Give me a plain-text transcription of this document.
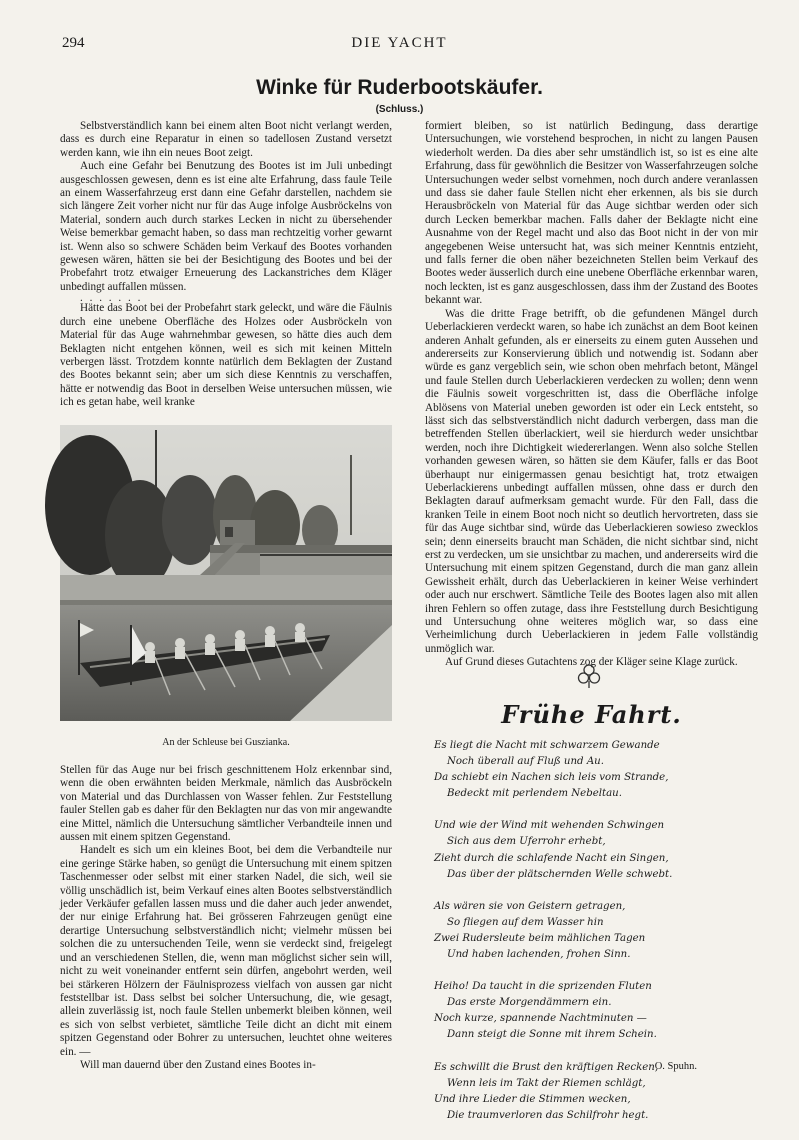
294	DIE YACHT
Winke für Ruderbootskäufer.
(Schluss.)

Selbstverständlich kann bei einem alten Boot nicht verlangt werden, dass es durch eine Reparatur in einen so tadellosen Zustand versetzt werden kann, wie ihn ein neues Boot zeigt.

Auch eine Gefahr bei Benutzung des Bootes ist im Juli unbedingt ausgeschlossen gewesen, denn es ist eine alte Erfahrung, dass faule Teile an einem Wasserfahrzeug erst dann eine Gefahr darstellen, nachdem sie sich längere Zeit vorher nicht nur für das Auge infolge Ausbröckelns von Material, sondern auch durch starkes Lecken in nicht zu übersehender Weise bemerkbar gemacht haben, so dass man rechtzeitig vorher gewarnt ist. Wenn also so schwere Schäden beim Verkauf des Bootes vorhanden gewesen wären, hätten sie bei der Besichtigung des Bootes und bei der Probefahrt trotz etwaiger Erneuerung des Lackanstriches dem Kläger unbedingt auffallen müssen.

. . . . . . .

Hätte das Boot bei der Probefahrt stark geleckt, und wäre die Fäulnis durch eine unebene Oberfläche des Holzes oder Ausbröckeln von Material für das Auge wahrnehmbar gewesen, so hätte dies auch dem Beklagten nicht entgehen können, weil es sich mit keinen Mitteln verbergen lässt. Trotzdem konnte natürlich dem Beklagten der Zustand des Bootes bekannt sein; aber um sich diese Kenntnis zu verschaffen, hätte er notwendig das Boot in derselben Weise untersuchen müssen, wie ich es getan habe, weil kranke

An der Schleuse bei Guszianka.

Stellen für das Auge nur bei frisch geschnittenem Holz erkennbar sind, wenn die oben erwähnten beiden Merkmale, nämlich das Ausbröckeln von Material und das Durchlassen von Wasser fehlen. Zur Feststellung fauler Stellen gab es daher für den Beklagten nur das von mir angewandte eine Mittel, nämlich die Untersuchung sämtlicher Verbandteile innen und aussen mit einem spitzen Gegenstand.

Handelt es sich um ein kleines Boot, bei dem die Verbandteile nur eine geringe Stärke haben, so genügt die Untersuchung mit einem spitzen Taschenmesser oder selbst mit einer starken Nadel, die sich, weil sie völlig unschädlich ist, beim Verkauf eines alten Bootes selbstverständlich jeder Verkäufer gefallen lassen muss und die daher auch jeder anwendet, der nur einige Erfahrung hat. Bei grösseren Fahrzeugen genügt eine derartige Untersuchung selbstverständlich nicht; vielmehr müssen bei solchen die zu untersuchenden Teile, wenn sie verdeckt sind, freigelegt und an verschiedenen Stellen, die, wenn man möglichst sicher sein will, nicht zu weit voneinander entfernt sein dürfen, angebohrt werden, weil bei stärkeren Hölzern der Fäulnisprozess vielfach von aussen gar nicht feststellbar ist. Dass selbst bei solcher Untersuchung, die, wie gesagt, allein zuverlässig ist, noch faule Stellen unbemerkt bleiben können, weil es sich von selbst verbietet, sämtliche Teile dicht an dicht mit einem spitzen Gegenstand oder Bohrer zu untersuchen, leuchtet ohne weiteres ein. —

Will man dauernd über den Zustand eines Bootes in-

formiert bleiben, so ist natürlich Bedingung, dass derartige Untersuchungen, wie vorstehend besprochen, in nicht zu langen Pausen wiederholt werden. Da dies aber sehr umständlich ist, so ist es eine alte Erfahrung, dass für gewöhnlich die Besitzer von Wasserfahrzeugen solche Untersuchungen weder selbst vornehmen, noch durch andere veranlassen und dass sie daher faule Stellen nicht eher erkennen, als bis sie durch Herausbröckeln von Material für das Auge sichtbar werden oder sich durch Lecken bemerkbar machen. Falls daher der Beklagte nicht eine Ausnahme von der Regel macht und also das Boot nicht in der von mir angegebenen Weise untersucht hat, was sich meiner Kenntnis entzieht, und falls ferner die oben näher bezeichneten Stellen beim Verkauf des Bootes weder äusserlich durch eine unebene Oberfläche erkennbar waren, noch leckten, ist es ganz ausgeschlossen, dass ihm der Zustand des Bootes bekannt war.

Was die dritte Frage betrifft, ob die gefundenen Mängel durch Ueberlackieren verdeckt waren, so habe ich zunächst an dem Boot keinen anderen Anhalt gefunden, als er einerseits zu einem guten Aussehen und andererseits zur Konservierung üblich und notwendig ist. Sodann aber würde es ganz vergeblich sein, wie schon oben mehrfach betont, Mängel und faule Stellen durch Ueberlackieren verdecken zu wollen; denn wenn die Fäulnis soweit vorgeschritten ist, dass die Oberfläche infolge Ablösens von Material uneben geworden ist oder ein Leck entsteht, so lässt sich das selbstverständlich nicht dadurch verbergen, dass man die betreffenden Stellen überlackiert, weil sie hierdurch weder unsichtbar werden, noch ihre Dichtigkeit wiedererlangen. Wenn also solche Stellen vorhanden gewesen wären, so hätten sie dem Käufer, falls er das Boot überhaupt nur einigermassen genau besichtigt hat, trotz etwaigen Ueberlackierens unbedingt auffallen müssen, ohne dass er durch den Beklagten darauf aufmerksam gemacht wurde. Für den Fall, dass die kranken Teile in einem Boot noch nicht so deutlich hervortreten, dass sie für das Auge sichtbar sind, würde das Ueberlackieren sowieso zwecklos sein; denn einerseits braucht man Schäden, die nicht sichtbar sind, nicht erst zu verdecken, um sie unsichtbar zu machen, und andererseits wird die Untersuchung mit einem spitzen Gegenstand, durch die man ganz allein Gewissheit erhält, durch das Ueberlackieren in keiner Weise verhindert oder auch nur erschwert. Sämtliche Teile des Bootes lagen also mit allen ihren Fehlern so offen zutage, dass ihre Feststellung durch Besichtigung und Untersuchung ohne weiteres möglich war, so dass eine Verheimlichung durch Ueberlackieren in jedem Falle vollständig unmöglich war.

Auf Grund dieses Gutachtens zog der Kläger seine Klage zurück.

Frühe Fahrt.
Es liegt die Nacht mit schwarzem Gewande
Noch überall auf Fluß und Au.
Da schiebt ein Nachen sich leis vom Strande,
Bedeckt mit perlendem Nebeltau.
Und wie der Wind mit wehenden Schwingen
Sich aus dem Uferrohr erhebt,
Zieht durch die schlafende Nacht ein Singen,
Das über der plätschernden Welle schwebt.
Als wären sie von Geistern getragen,
So fliegen auf dem Wasser hin
Zwei Rudersleute beim mählichen Tagen
Und haben lachenden, frohen Sinn.
Heiho! Da taucht in die sprizenden Fluten
Das erste Morgendämmern ein.
Noch kurze, spannende Nachtminuten —
Dann steigt die Sonne mit ihrem Schein.
Es schwillt die Brust den kräftigen Recken,
Wenn leis im Takt der Riemen schlägt,
Und ihre Lieder die Stimmen wecken,
Die traumverloren das Schilfrohr hegt.
O. Spuhn.
